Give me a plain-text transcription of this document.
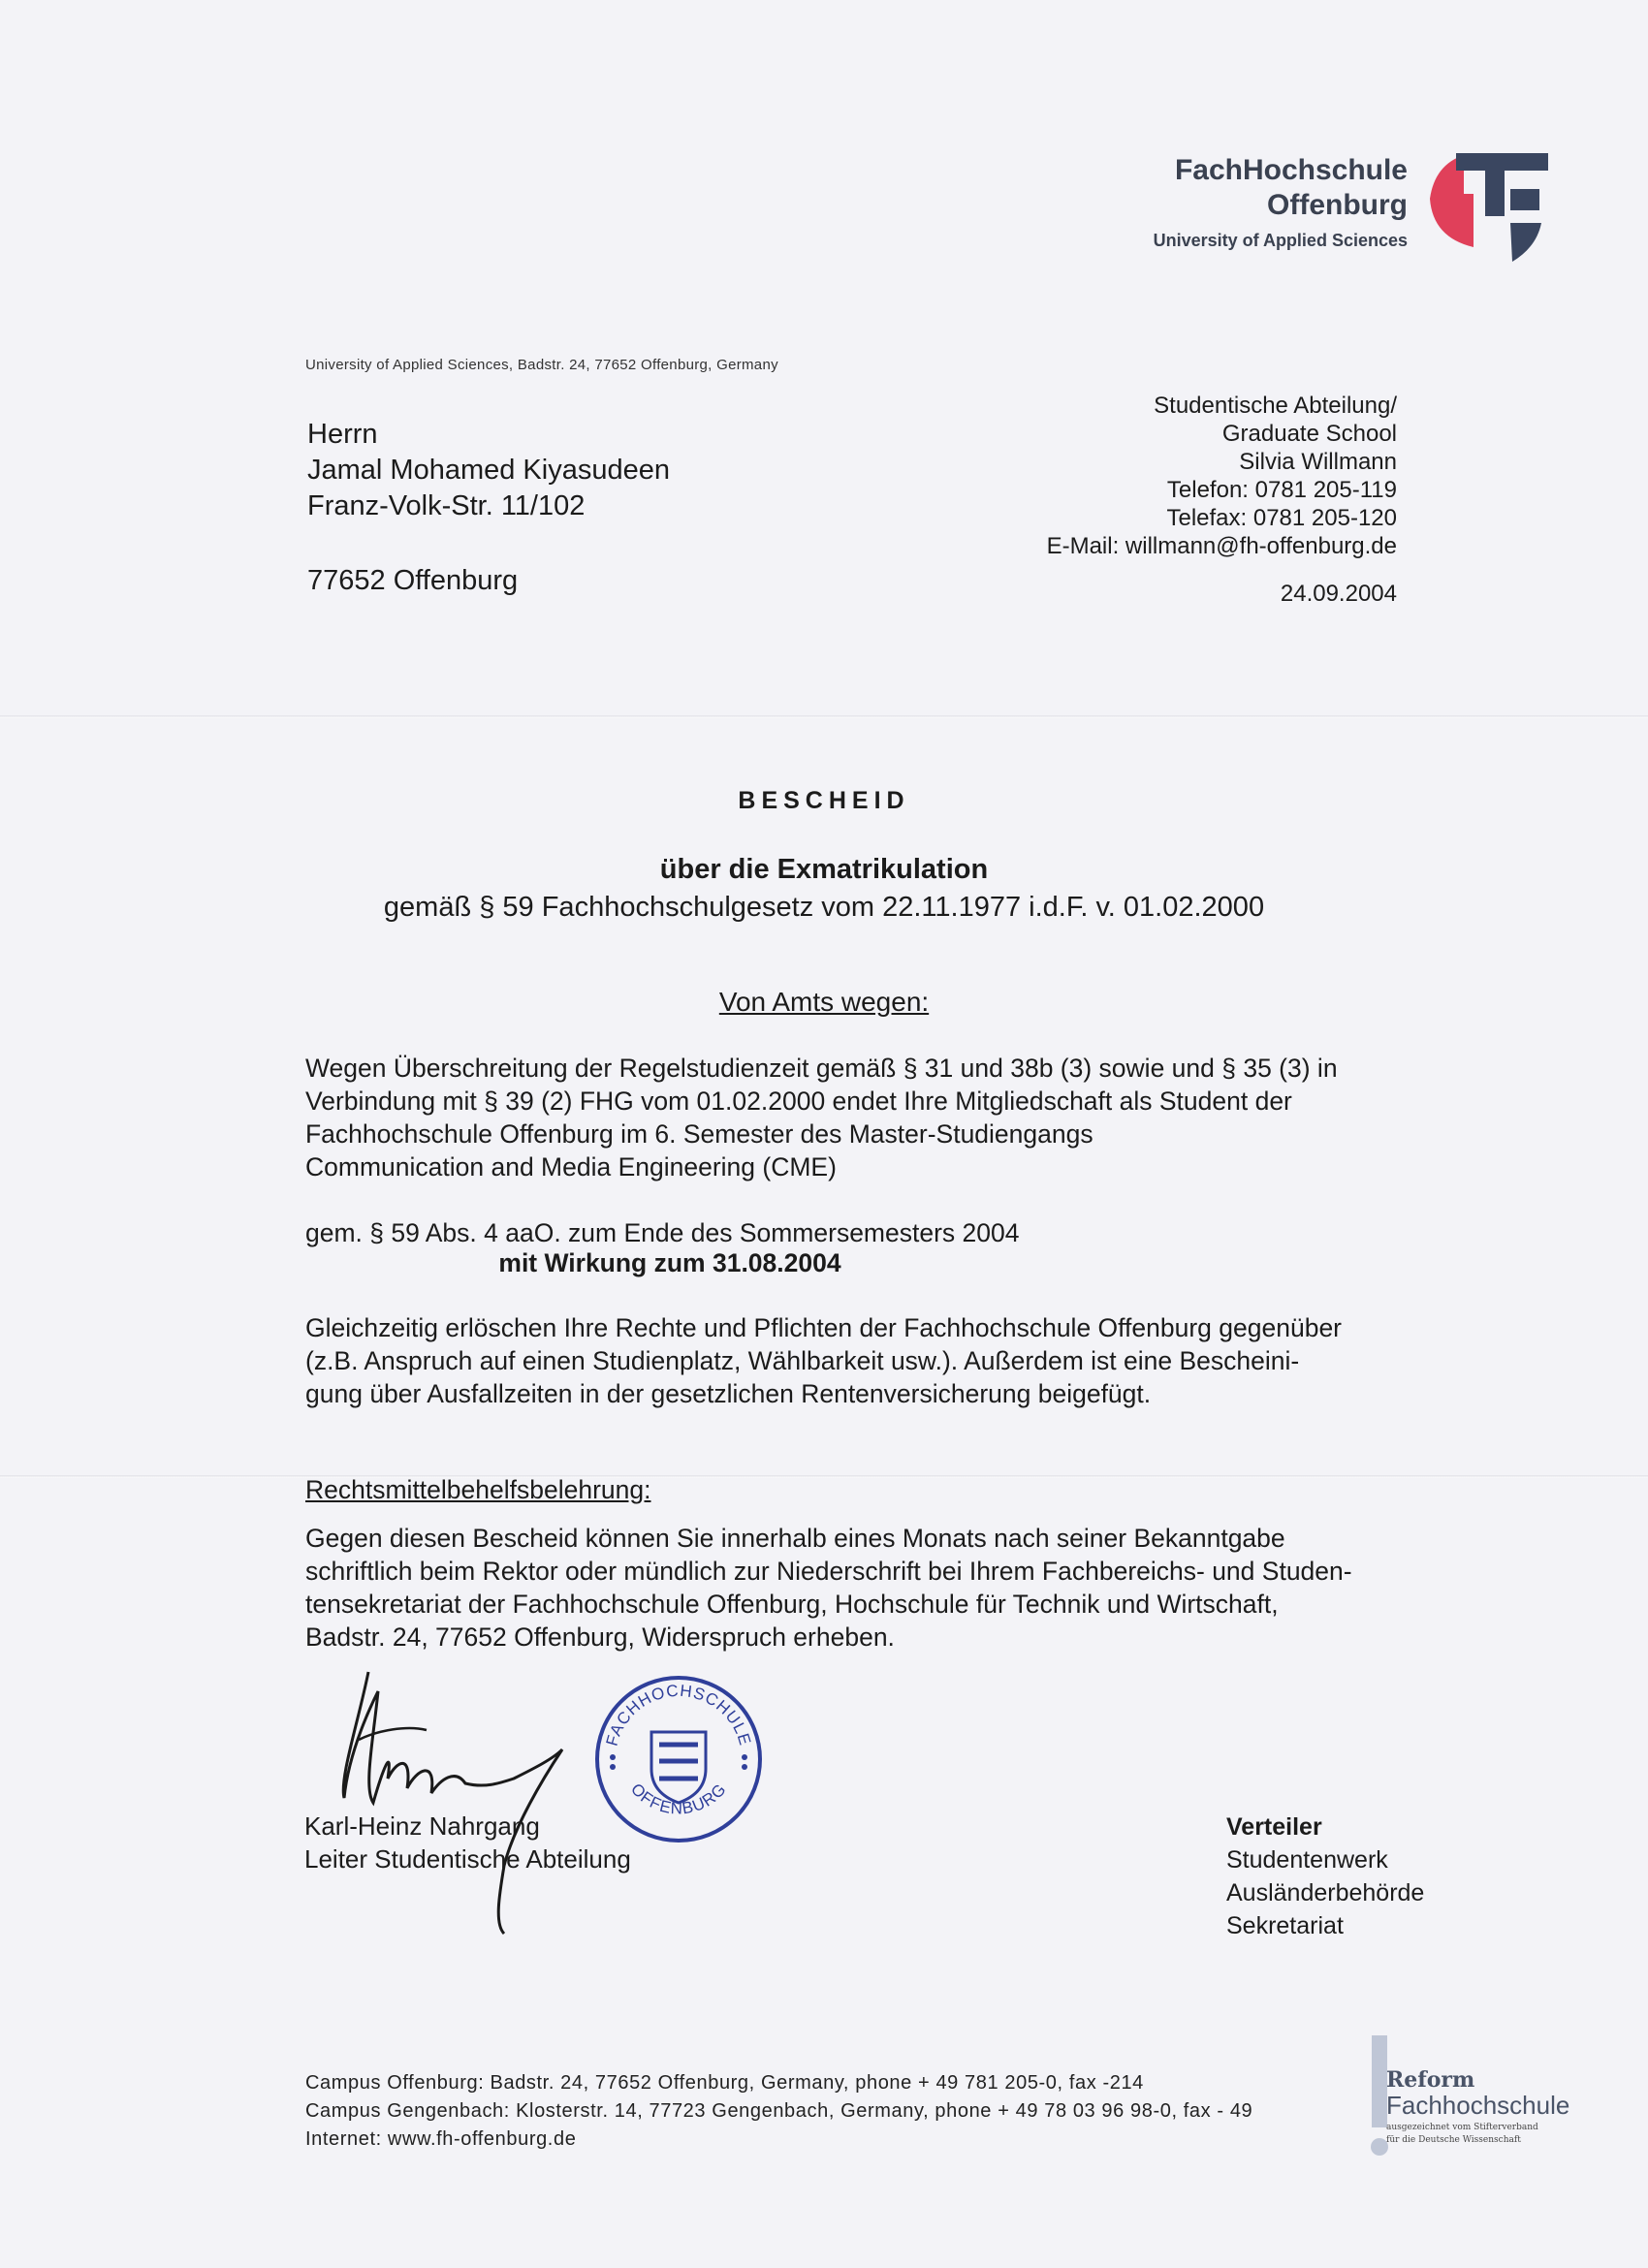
FachHochschule
Offenburg
University of Applied Sciences
University of Applied Sciences, Badstr. 24, 77652 Offenburg, Germany
Herrn
Jamal Mohamed Kiyasudeen
Franz-Volk-Str. 11/102
77652 Offenburg
Studentische Abteilung/
Graduate School
Silvia Willmann
Telefon: 0781 205-119
Telefax: 0781 205-120
E-Mail: willmann@fh-offenburg.de
24.09.2004
BESCHEID
über die Exmatrikulation
gemäß § 59 Fachhochschulgesetz vom 22.11.1977 i.d.F. v. 01.02.2000
Von Amts wegen:
Wegen Überschreitung der Regelstudienzeit gemäß § 31 und 38b (3) sowie und § 35 (3) in
Verbindung mit § 39 (2) FHG vom 01.02.2000 endet Ihre Mitgliedschaft als Student der
Fachhochschule Offenburg im 6. Semester des Master-Studiengangs
Communication and Media Engineering (CME)
gem. § 59 Abs. 4 aaO. zum Ende des Sommersemesters 2004
mit Wirkung zum 31.08.2004
Gleichzeitig erlöschen Ihre Rechte und Pflichten der Fachhochschule Offenburg gegenüber
(z.B. Anspruch auf einen Studienplatz, Wählbarkeit usw.). Außerdem ist eine Bescheini-
gung über Ausfallzeiten in der gesetzlichen Rentenversicherung beigefügt.
Rechtsmittelbehelfsbelehrung:
Gegen diesen Bescheid können Sie innerhalb eines Monats nach seiner Bekanntgabe
schriftlich beim Rektor oder mündlich zur Niederschrift bei Ihrem Fachbereichs- und Studen-
tensekretariat der Fachhochschule Offenburg, Hochschule für Technik und Wirtschaft,
Badstr. 24, 77652 Offenburg, Widerspruch erheben.
FACHHOCHSCHULE
OFFENBURG
Karl-Heinz Nahrgang
Leiter Studentische Abteilung
Verteiler
Studentenwerk
Ausländerbehörde
Sekretariat
Campus Offenburg: Badstr. 24, 77652 Offenburg, Germany, phone + 49 781 205-0, fax -214
Campus Gengenbach: Klosterstr. 14, 77723 Gengenbach, Germany, phone + 49 78 03 96 98-0, fax - 49
Internet: www.fh-offenburg.de
Reform
Fachhochschule
ausgezeichnet vom Stifterverband
für die Deutsche Wissenschaft
